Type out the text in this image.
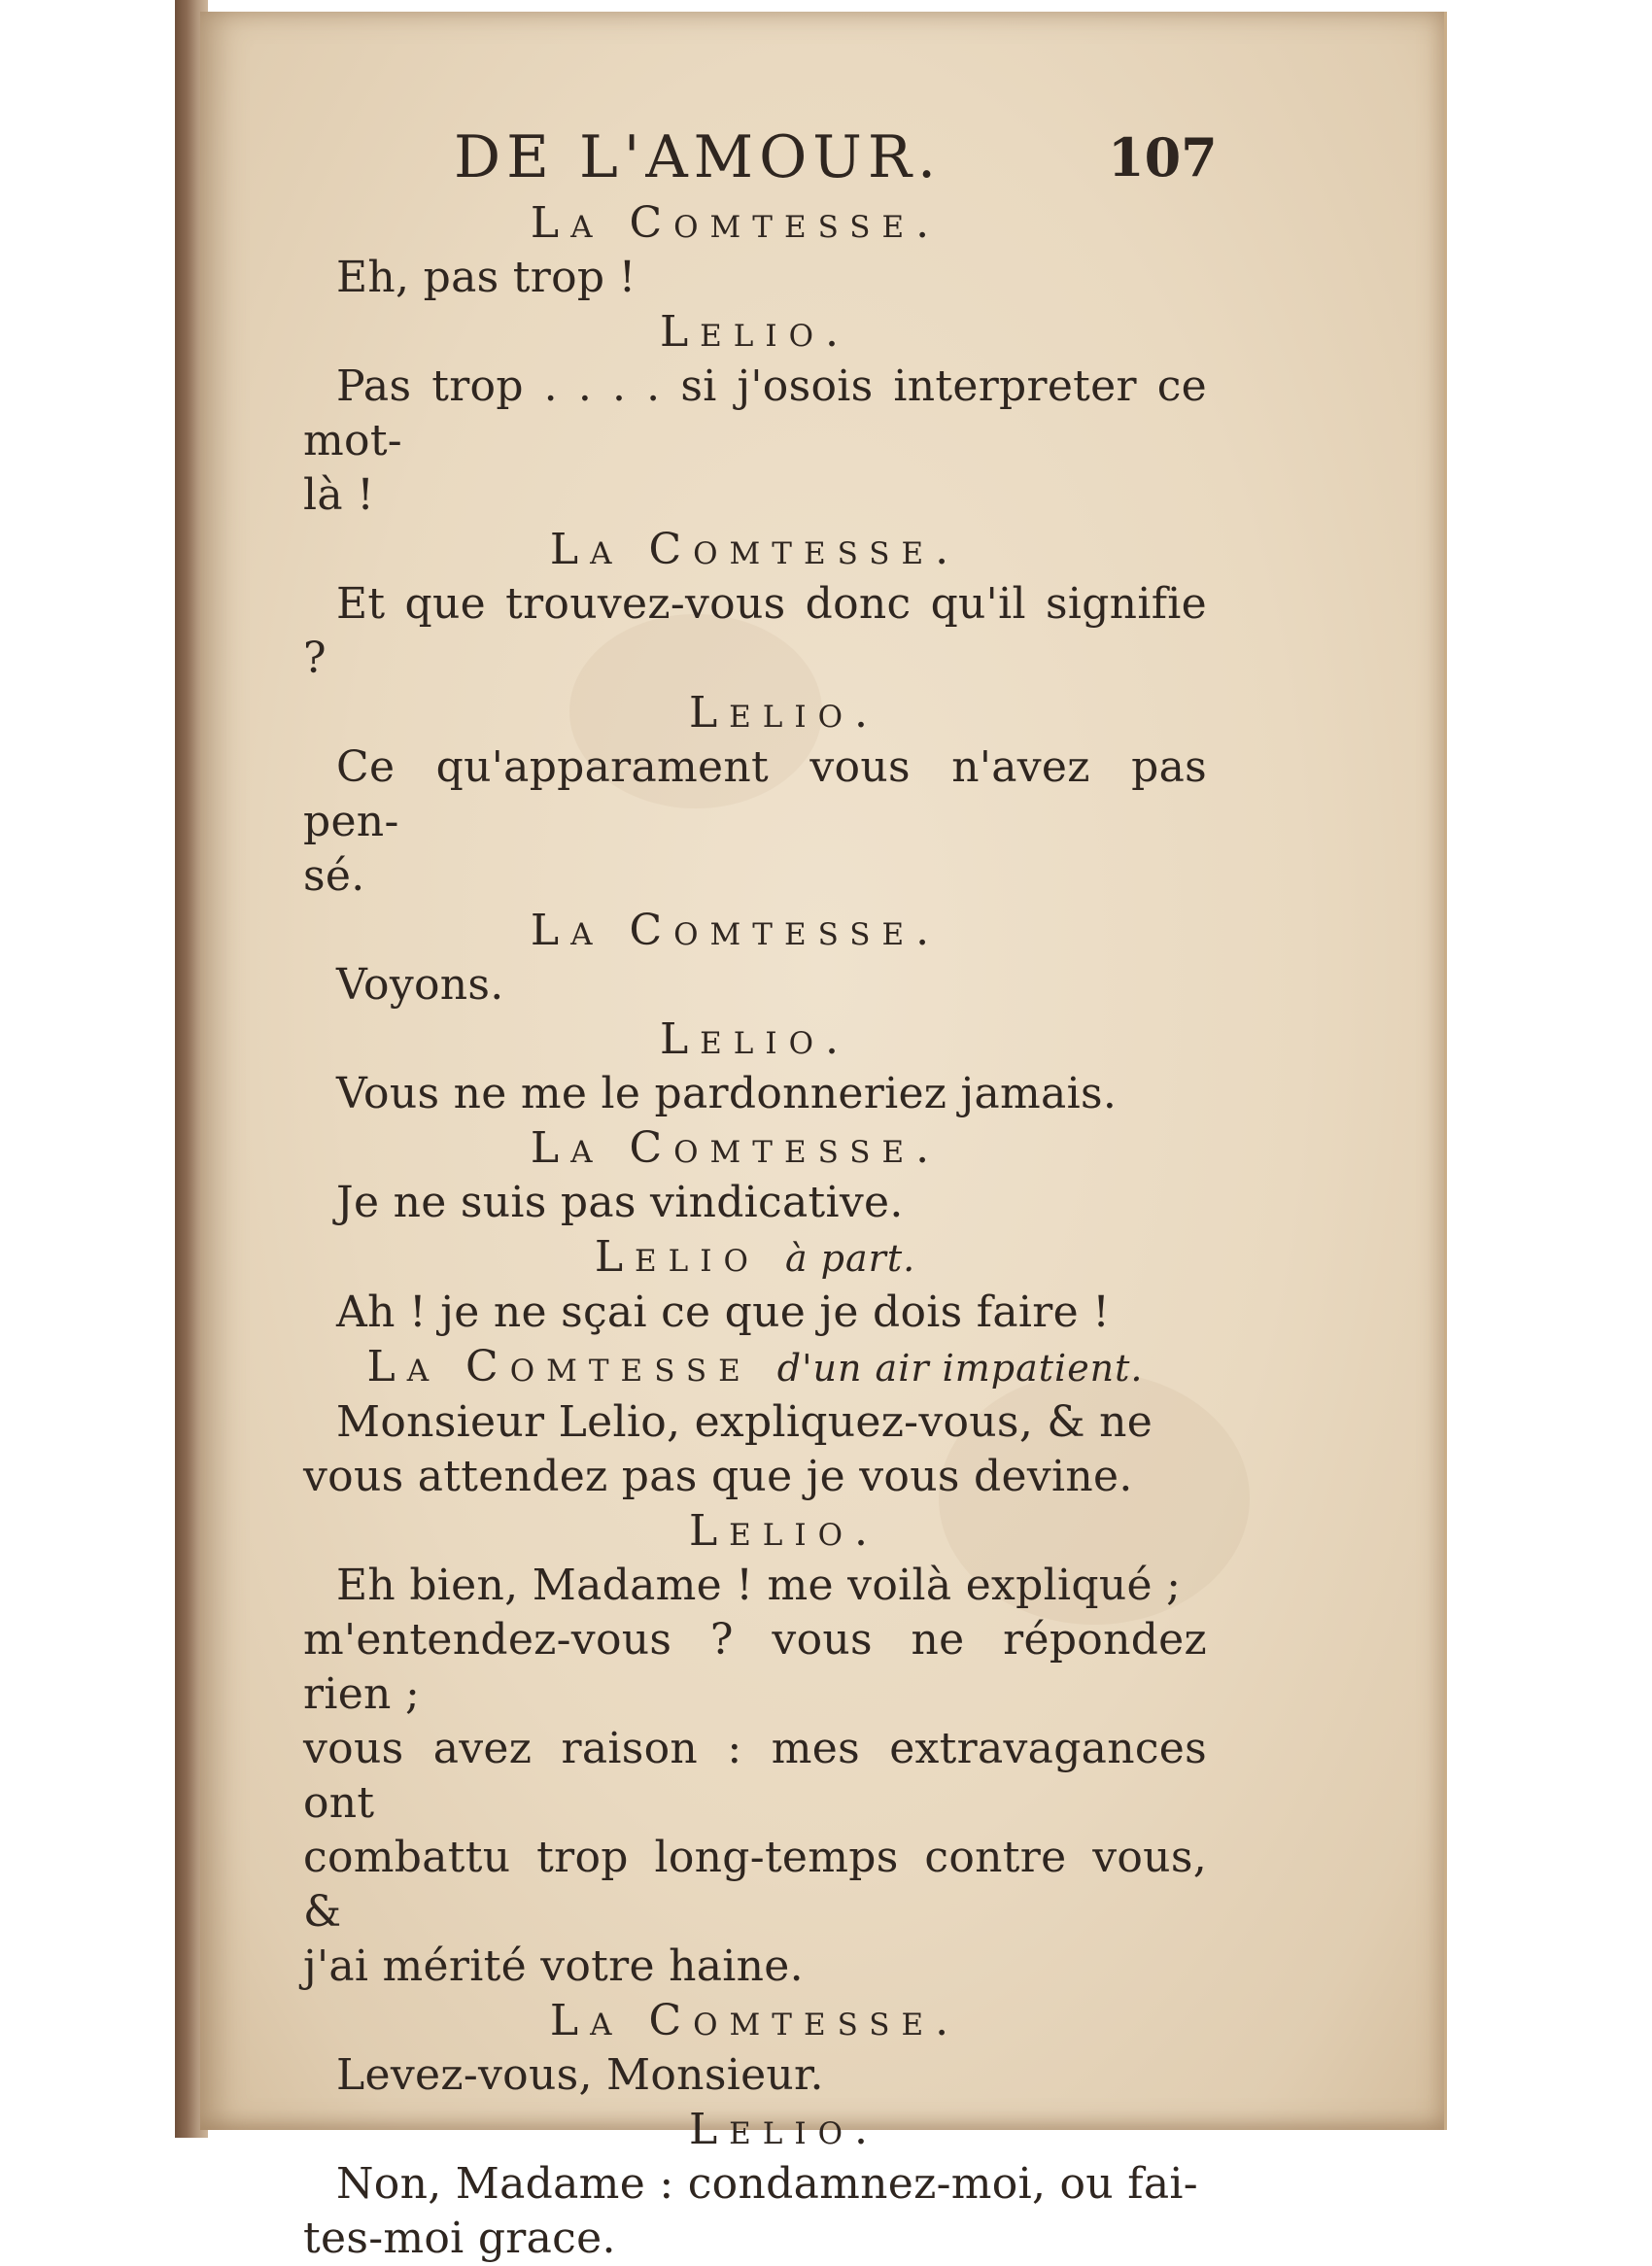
DE L'AMOUR.	107

La Comtesse.

Eh, pas trop !

Lelio.

Pas trop . . . . si j'osois interpreter ce mot-

là !

La Comtesse.

Et que trouvez-vous donc qu'il signifie ?

Lelio.

Ce qu'apparament vous n'avez pas pen-

sé.

La Comtesse.

Voyons.

Lelio.

Vous ne me le pardonneriez jamais.

La Comtesse.

Je ne suis pas vindicative.

Lelio à part.

Ah ! je ne sçai ce que je dois faire !

La Comtesse d'un air impatient.

Monsieur Lelio, expliquez-vous, & ne

vous attendez pas que je vous devine.

Lelio.

Eh bien, Madame ! me voilà expliqué ;

m'entendez-vous ? vous ne répondez rien ;

vous avez raison : mes extravagances ont

combattu trop long-temps contre vous, &

j'ai mérité votre haine.

La Comtesse.

Levez-vous, Monsieur.

Lelio.

Non, Madame : condamnez-moi, ou fai-

tes-moi grace.
